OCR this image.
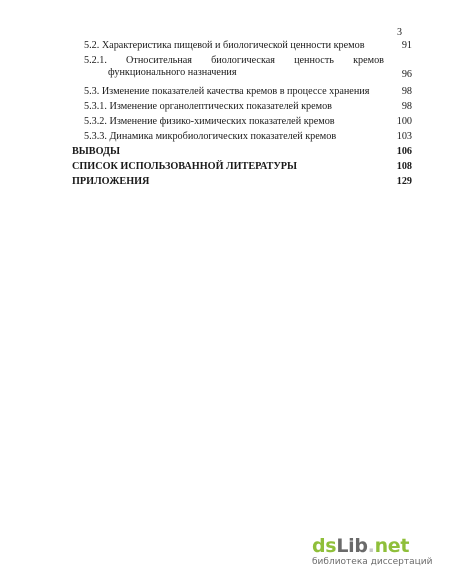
3
5.2. Характеристика пищевой и биологической ценности кремов	91
5.2.1. Относительная биологическая ценность кремов
функционального назначения	96
5.3. Изменение показателей качества кремов в процессе хранения	98
5.3.1. Изменение органолептических показателей кремов	98
5.3.2. Изменение физико-химических показателей кремов	100
5.3.3. Динамика микробиологических показателей кремов	103
ВЫВОДЫ	106
СПИСОК ИСПОЛЬЗОВАННОЙ ЛИТЕРАТУРЫ	108
ПРИЛОЖЕНИЯ	129
dsLib.net
библиотека диссертаций
